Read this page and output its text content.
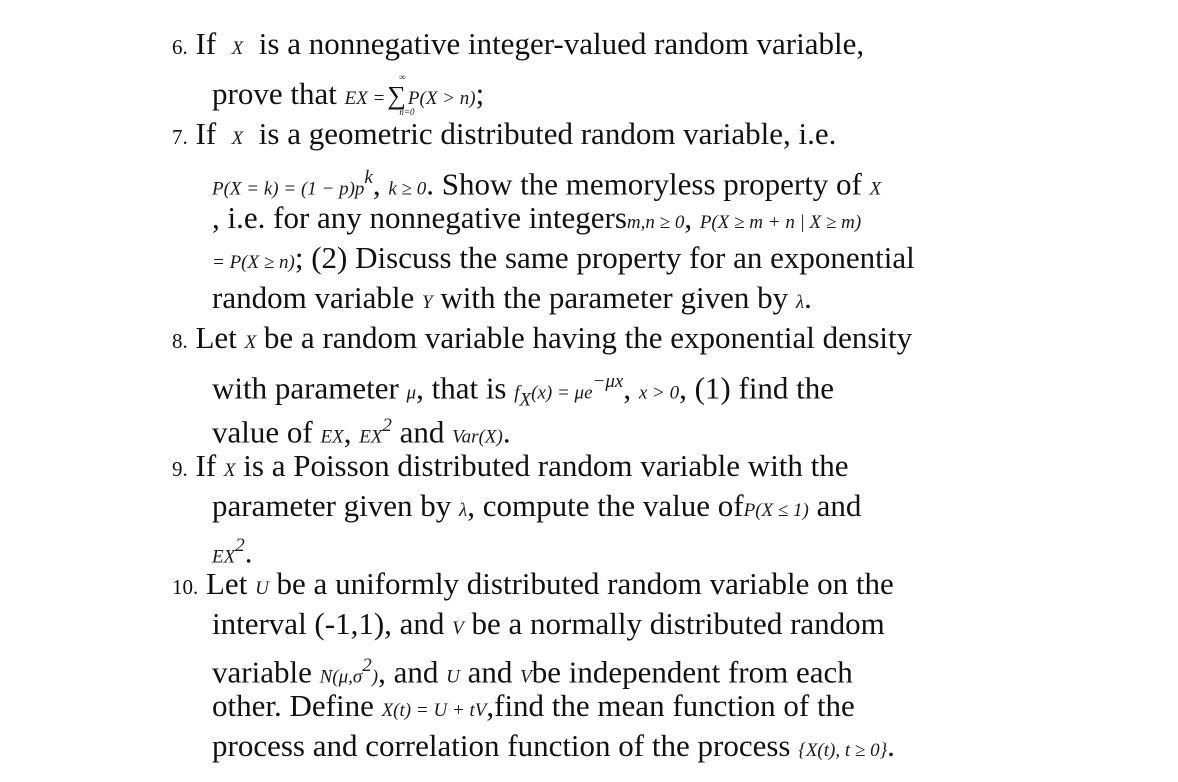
6. If X is a nonnegative integer-valued random variable,
prove that EX =∑
n=0
∞
P(X > n);
7. If X is a geometric distributed random variable, i.e.
$P(X = k) = (1 - p)p^k$, k ≥ 0. Show the memoryless property of X
, i.e. for any nonnegative integersm,n ≥ 0, P(X ≥ m + n | X ≥ m)
= P(X ≥ n); (2) Discuss the same property for an exponential
random variable Y with the parameter given by λ.
8. Let X be a random variable having the exponential density
with parameter μ, that is $f_X(x) = \mu e^{-\mu x}$, x > 0, (1) find the
value of EX, $EX^2$ and Var(X).
9. If X is a Poisson distributed random variable with the
parameter given by λ, compute the value ofP(X ≤ 1) and
$EX^2$.
10. Let U be a uniformly distributed random variable on the
interval (-1,1), and V be a normally distributed random
variable $N(\mu,\sigma^2)$, and U and Vbe independent from each
other. Define X(t) = U + tV,find the mean function of the
process and correlation function of the process {X(t), t ≥ 0}.
